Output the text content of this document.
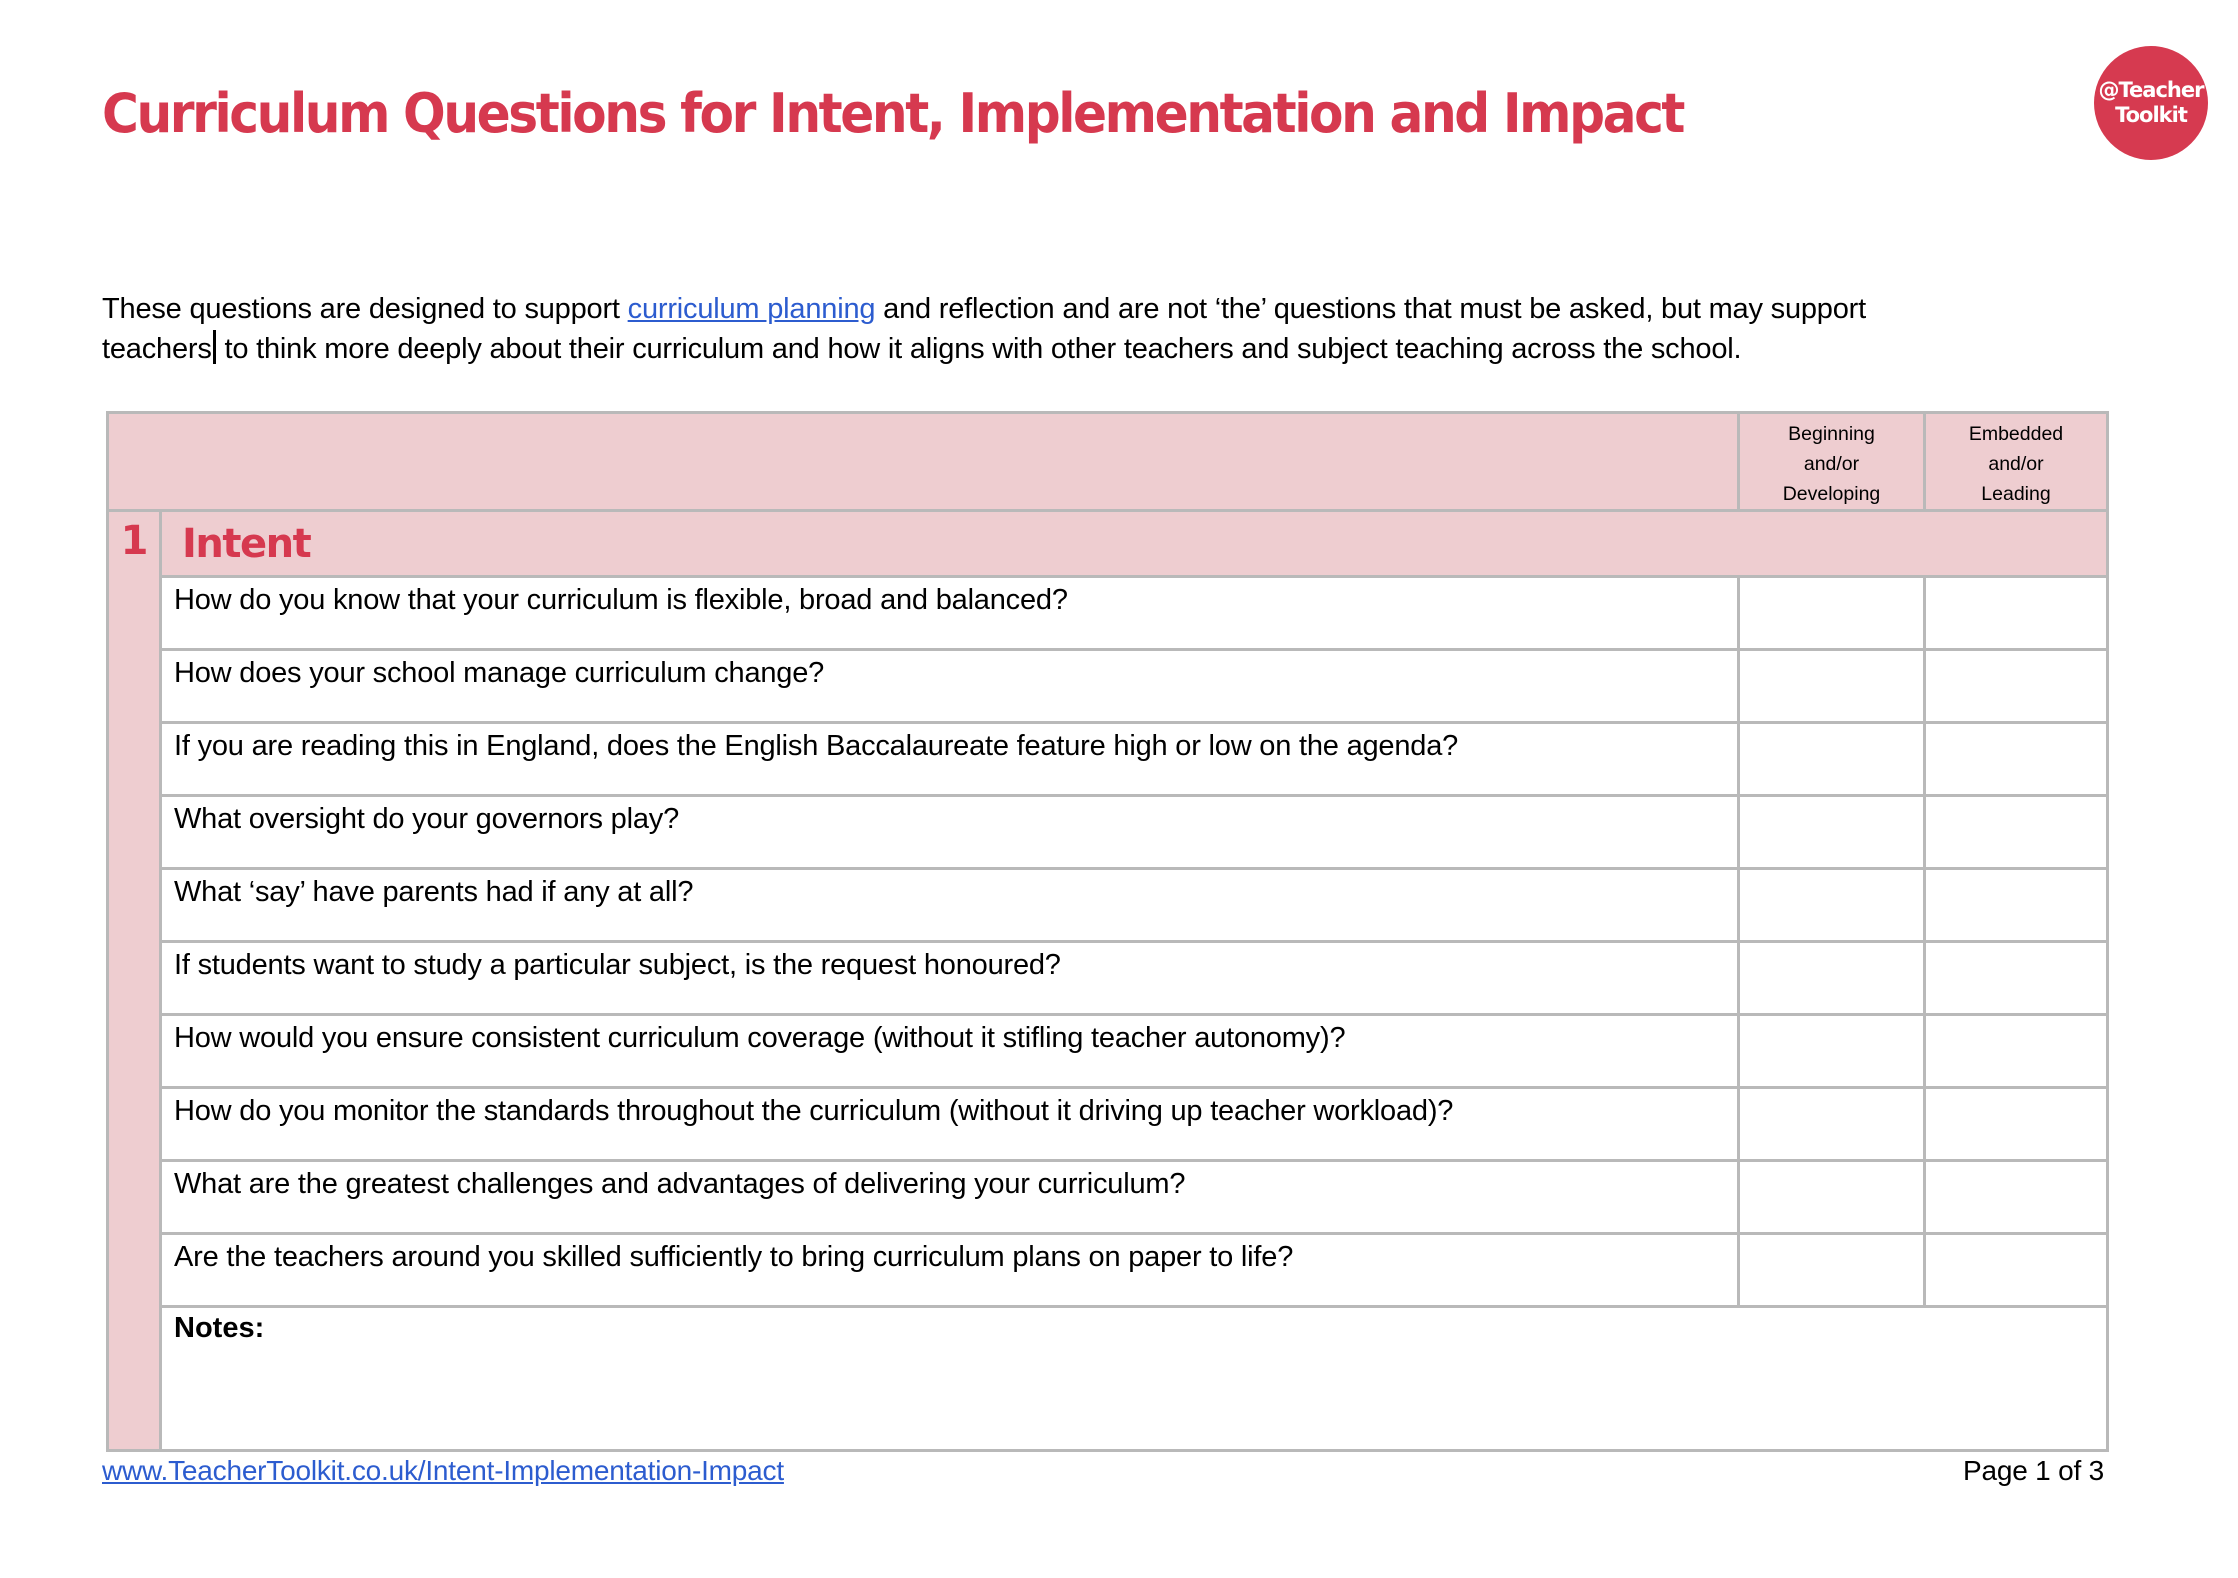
Curriculum Questions for Intent, Implementation and Impact	@Teacher
Toolkit

These questions are designed to support curriculum planning and reflection and are not ‘the’ questions that must be asked, but may support
teachers to think more deeply about their curriculum and how it aligns with other teachers and subject teaching across the school.

Beginning
and/or
Developing

Embedded
and/or
Leading

1	Intent		
	How do you know that your curriculum is flexible, broad and balanced?		
	How does your school manage curriculum change?		
	If you are reading this in England, does the English Baccalaureate feature high or low on the agenda?		
	What oversight do your governors play?		
	What ‘say’ have parents had if any at all?		
	If students want to study a particular subject, is the request honoured?		
	How would you ensure consistent curriculum coverage (without it stifling teacher autonomy)?		
	How do you monitor the standards throughout the curriculum (without it driving up teacher workload)?		
	What are the greatest challenges and advantages of delivering your curriculum?		
	Are the teachers around you skilled sufficiently to bring curriculum plans on paper to life?		
	Notes:		
www.TeacherToolkit.co.uk/Intent-Implementation-Impact	Page 1 of 3
